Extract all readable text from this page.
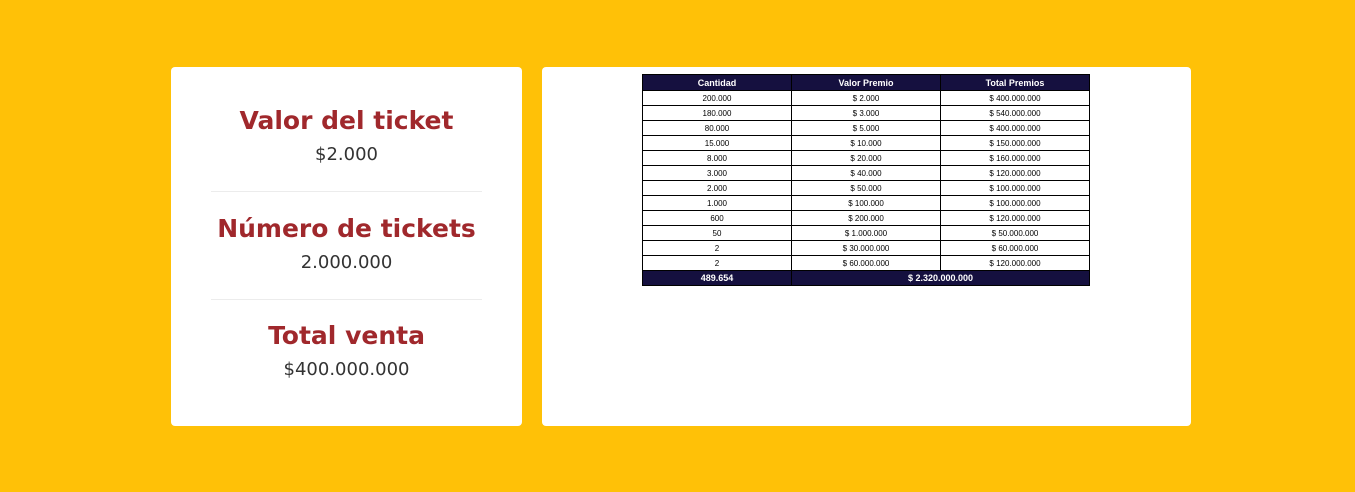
Valor del ticket
$2.000
Número de tickets
2.000.000
Total venta
$400.000.000
Cantidad	Valor Premio	Total Premios
200.000	$ 2.000	$ 400.000.000
180.000	$ 3.000	$ 540.000.000
80.000	$ 5.000	$ 400.000.000
15.000	$ 10.000	$ 150.000.000
8.000	$ 20.000	$ 160.000.000
3.000	$ 40.000	$ 120.000.000
2.000	$ 50.000	$ 100.000.000
1.000	$ 100.000	$ 100.000.000
600	$ 200.000	$ 120.000.000
50	$ 1.000.000	$ 50.000.000
2	$ 30.000.000	$ 60.000.000
2	$ 60.000.000	$ 120.000.000
489.654	$ 2.320.000.000	
